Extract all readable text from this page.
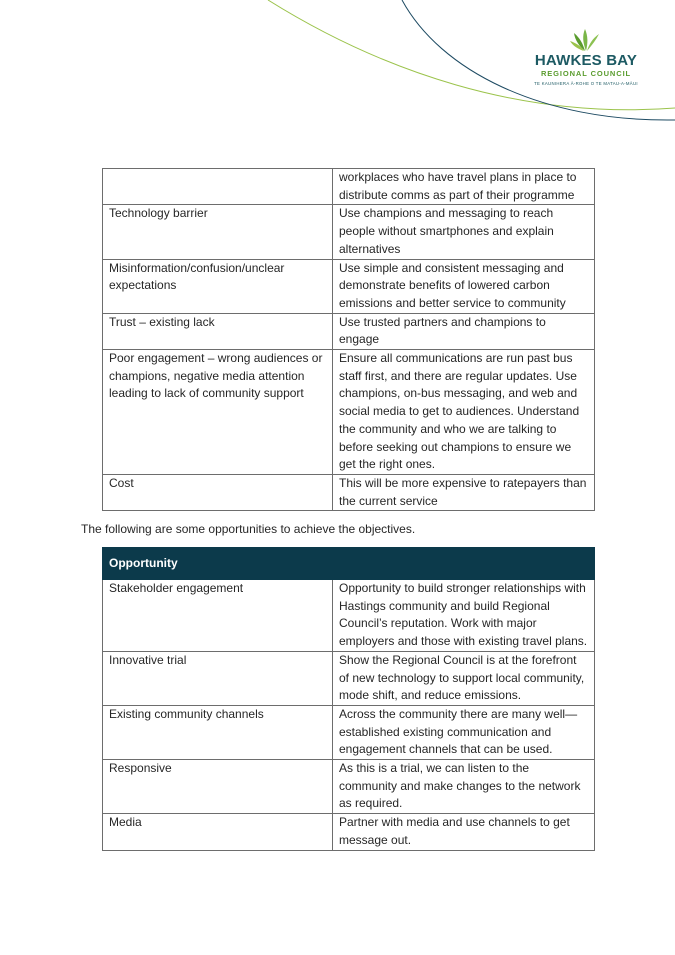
HAWKES BAY
REGIONAL COUNCIL
TE KAUNIHERA Ā-ROHE O TE MATAU-A-MĀUI
	workplaces who have travel plans in place to distribute comms as part of their programme
Technology barrier	Use champions and messaging to reach people without smartphones and explain alternatives
Misinformation/confusion/unclear expectations	Use simple and consistent messaging and demonstrate benefits of lowered carbon emissions and better service to community
Trust – existing lack	Use trusted partners and champions to engage
Poor engagement – wrong audiences or champions, negative media attention leading to lack of community support	Ensure all communications are run past bus staff first, and there are regular updates. Use champions, on-bus messaging, and web and social media to get to audiences. Understand the community and who we are talking to before seeking out champions to ensure we get the right ones.
Cost	This will be more expensive to ratepayers than the current service

The following are some opportunities to achieve the objectives.

Opportunity	
Stakeholder engagement	Opportunity to build stronger relationships with Hastings community and build Regional Council’s reputation. Work with major employers and those with existing travel plans.
Innovative trial	Show the Regional Council is at the forefront of new technology to support local community, mode shift, and reduce emissions.
Existing community channels	Across the community there are many well—established existing communication and engagement channels that can be used.
Responsive	As this is a trial, we can listen to the community and make changes to the network as required.
Media	Partner with media and use channels to get message out.
